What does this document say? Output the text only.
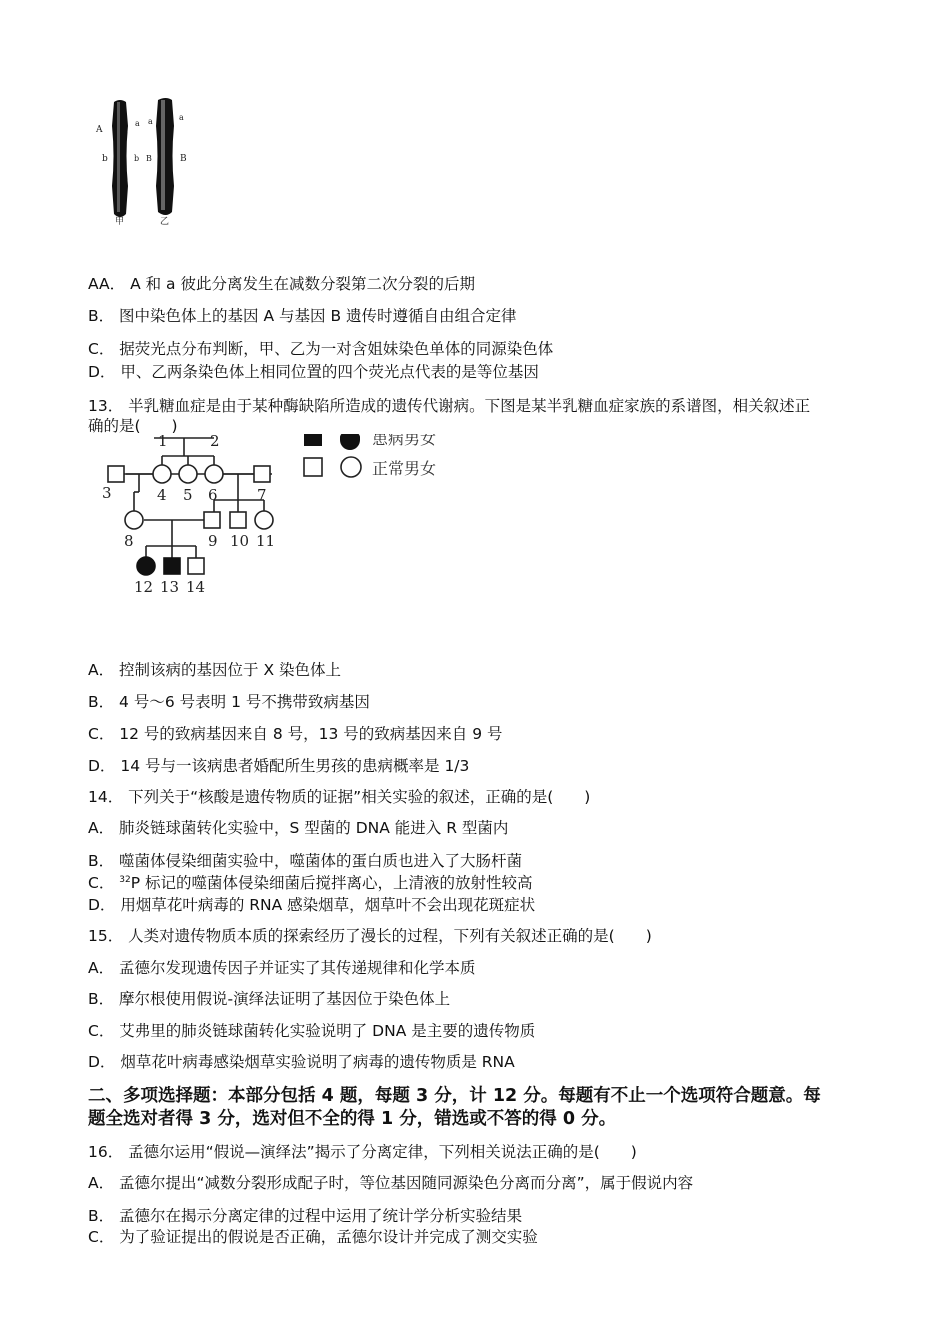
A
b
a
b
a
B
a
B
甲	乙
AA． A 和 a 彼此分离发生在减数分裂第二次分裂的后期
B． 图中染色体上的基因 A 与基因 B 遗传时遵循自由组合定律
C． 据荧光点分布判断，甲、乙为一对含姐妹染色单体的同源染色体
D． 甲、乙两条染色体上相同位置的四个荧光点代表的是等位基因
13． 半乳糖血症是由于某种酶缺陷所造成的遗传代谢病。下图是某半乳糖血症家族的系谱图，相关叙述正
确的是(　　)
1	2
3	4 5 6	7
8	9 10 11
12 13 14
患病男女
正常男女
A． 控制该病的基因位于 X 染色体上
B． 4 号～6 号表明 1 号不携带致病基因
C． 12 号的致病基因来自 8 号，13 号的致病基因来自 9 号
D． 14 号与一该病患者婚配所生男孩的患病概率是 1/3
14． 下列关于“核酸是遗传物质的证据”相关实验的叙述，正确的是(　　)
A． 肺炎链球菌转化实验中，S 型菌的 DNA 能进入 R 型菌内
B． 噬菌体侵染细菌实验中，噬菌体的蛋白质也进入了大肠杆菌
C． $^{32}$P 标记的噬菌体侵染细菌后搅拌离心，上清液的放射性较高
D． 用烟草花叶病毒的 RNA 感染烟草，烟草叶不会出现花斑症状
15． 人类对遗传物质本质的探索经历了漫长的过程，下列有关叙述正确的是(　　)
A． 孟德尔发现遗传因子并证实了其传递规律和化学本质
B． 摩尔根使用假说-演绎法证明了基因位于染色体上
C． 艾弗里的肺炎链球菌转化实验说明了 DNA 是主要的遗传物质
D． 烟草花叶病毒感染烟草实验说明了病毒的遗传物质是 RNA
二、多项选择题：本部分包括 4 题，每题 3 分，计 12 分。每题有不止一个选项符合题意。每
题全选对者得 3 分，选对但不全的得 1 分，错选或不答的得 0 分。
16． 孟德尔运用“假说—演绎法”揭示了分离定律，下列相关说法正确的是(　　)
A． 孟德尔提出“减数分裂形成配子时，等位基因随同源染色分离而分离”，属于假说内容
B． 孟德尔在揭示分离定律的过程中运用了统计学分析实验结果
C． 为了验证提出的假说是否正确，孟德尔设计并完成了测交实验
